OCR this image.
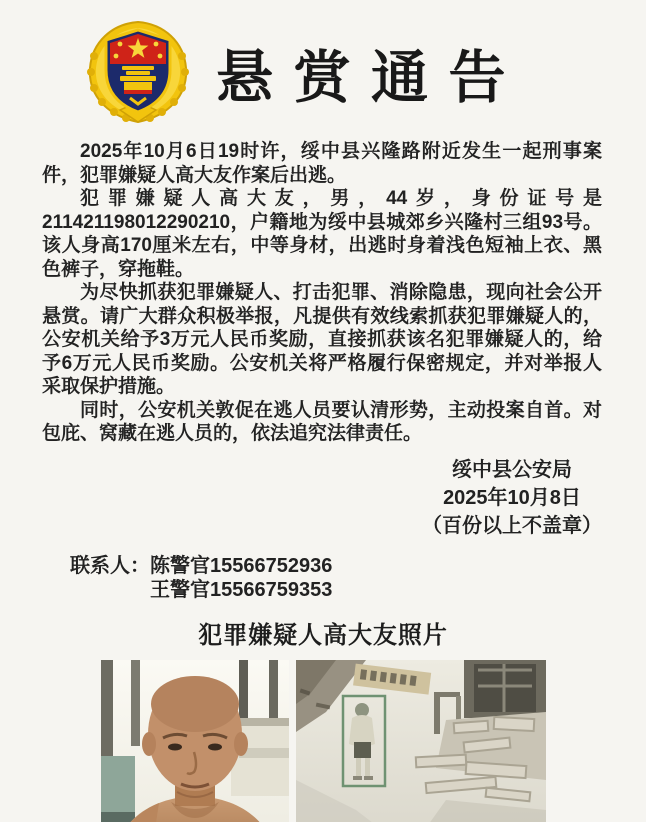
悬赏通告

2025年10月6日19时许，绥中县兴隆路附近发生一起刑事案件，犯罪嫌疑人高大友作案后出逃。

犯罪嫌疑人高大友，男，44岁，身份证号是211421198012290210，户籍地为绥中县城郊乡兴隆村三组93号。该人身高170厘米左右，中等身材，出逃时身着浅色短袖上衣、黑色裤子，穿拖鞋。

为尽快抓获犯罪嫌疑人、打击犯罪、消除隐患，现向社会公开悬赏。请广大群众积极举报，凡提供有效线索抓获犯罪嫌疑人的，公安机关给予3万元人民币奖励，直接抓获该名犯罪嫌疑人的，给予6万元人民币奖励。公安机关将严格履行保密规定，并对举报人采取保护措施。

同时，公安机关敦促在逃人员要认清形势，主动投案自首。对包庇、窝藏在逃人员的，依法追究法律责任。

绥中县公安局
2025年10月8日
（百份以上不盖章）
联系人： 陈警官15566752936
王警官15566759353
犯罪嫌疑人高大友照片
